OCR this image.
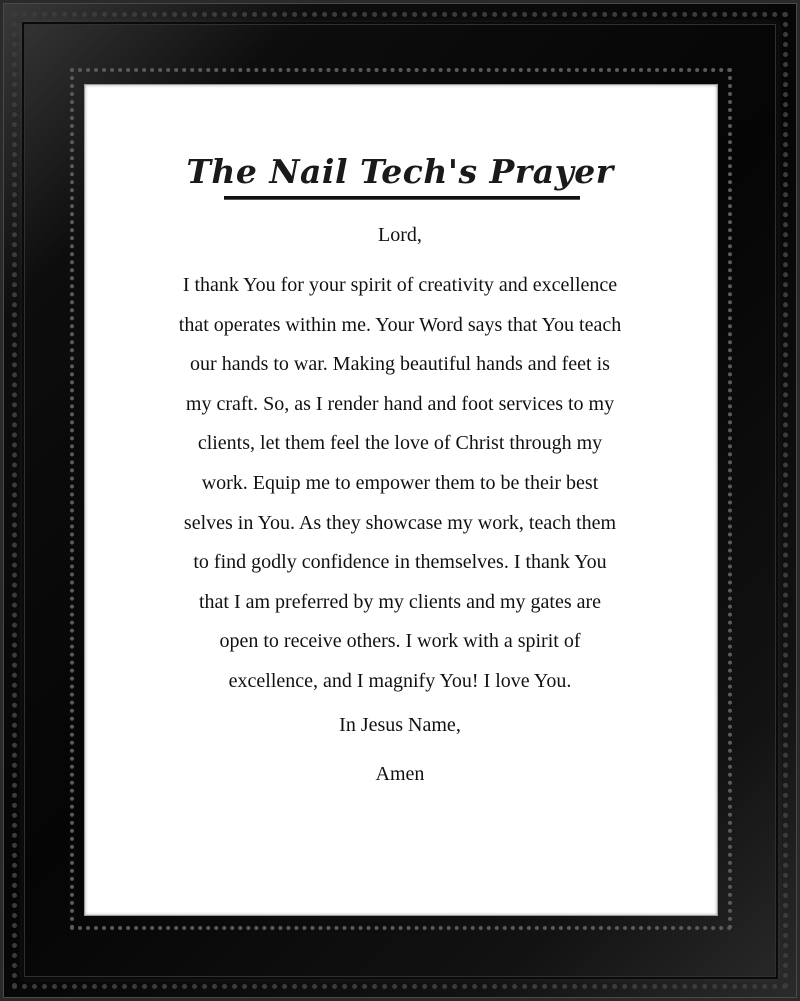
The Nail Tech's Prayer

Lord,

I thank You for your spirit of creativity and excellence
that operates within me. Your Word says that You teach
our hands to war. Making beautiful hands and feet is
my craft. So, as I render hand and foot services to my
clients, let them feel the love of Christ through my
work. Equip me to empower them to be their best
selves in You. As they showcase my work, teach them
to find godly confidence in themselves. I thank You
that I am preferred by my clients and my gates are
open to receive others. I work with a spirit of
excellence, and I magnify You! I love You.

In Jesus Name,

Amen
